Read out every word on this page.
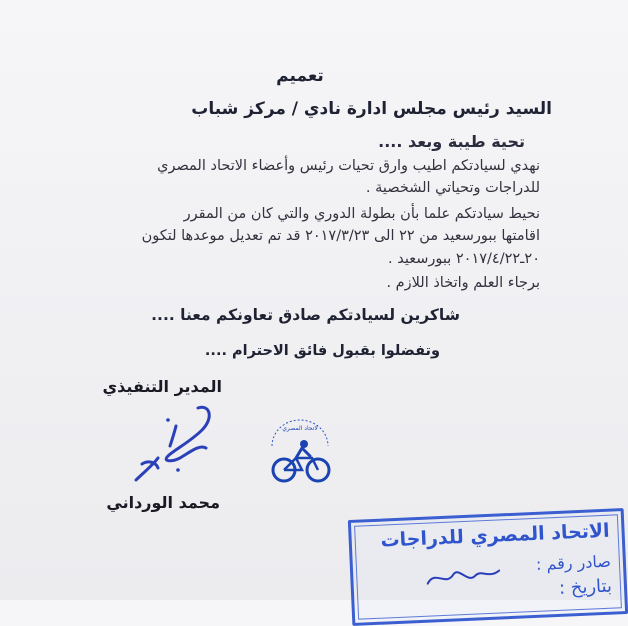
تعميم
السيد رئيس مجلس ادارة نادي / مركز شباب
تحية طيبة وبعد ....
نهدي لسيادتكم اطيب وارق تحيات رئيس وأعضاء الاتحاد المصري
للدراجات وتحياتي الشخصية .
نحيط سيادتكم علما بأن بطولة الدوري والتي كان من المقرر
اقامتها ببورسعيد من ٢٢ الى ٢٠١٧/٣/٢٣ قد تم تعديل موعدها لتكون
٢٠ـ٢٠١٧/٤/٢٢ ببورسعيد .
برجاء العلم واتخاذ اللازم .
شاكرين لسيادتكم صادق تعاونكم معنا ....
وتفضلوا بقبول فائق الاحترام ....
المدير التنفيذي
ﻻﺗﺤﺎﺩ ﺍﻟﻤﺼﺮﻱ
محمد الورداني
الاتحاد المصري للدراجات
صادر رقم :
بتاريخ :
